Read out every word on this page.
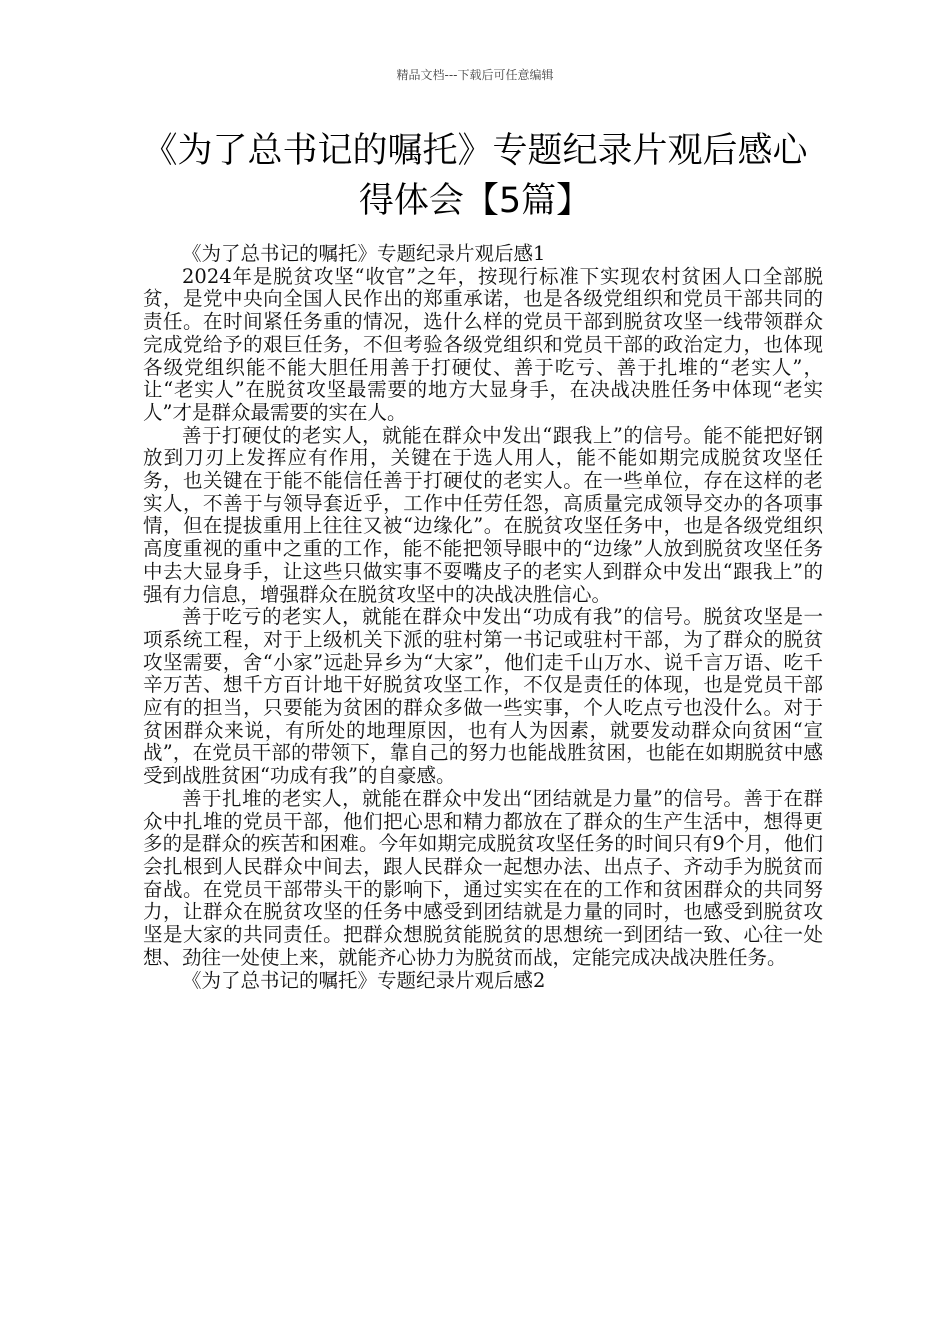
精品文档---下载后可任意编辑
《为了总书记的嘱托》专题纪录片观后感心得体会【5篇】

《为了总书记的嘱托》专题纪录片观后感1

2024年是脱贫攻坚“收官”之年，按现行标准下实现农村贫困人口全部脱贫，是党中央向全国人民作出的郑重承诺，也是各级党组织和党员干部共同的责任。在时间紧任务重的情况，选什么样的党员干部到脱贫攻坚一线带领群众完成党给予的艰巨任务，不但考验各级党组织和党员干部的政治定力，也体现各级党组织能不能大胆任用善于打硬仗、善于吃亏、善于扎堆的“老实人”，让“老实人”在脱贫攻坚最需要的地方大显身手，在决战决胜任务中体现“老实人”才是群众最需要的实在人。

善于打硬仗的老实人，就能在群众中发出“跟我上”的信号。能不能把好钢放到刀刃上发挥应有作用，关键在于选人用人，能不能如期完成脱贫攻坚任务，也关键在于能不能信任善于打硬仗的老实人。在一些单位，存在这样的老实人，不善于与领导套近乎，工作中任劳任怨，高质量完成领导交办的各项事情，但在提拔重用上往往又被“边缘化”。在脱贫攻坚任务中，也是各级党组织高度重视的重中之重的工作，能不能把领导眼中的“边缘”人放到脱贫攻坚任务中去大显身手，让这些只做实事不耍嘴皮子的老实人到群众中发出“跟我上”的强有力信息，增强群众在脱贫攻坚中的决战决胜信心。

善于吃亏的老实人，就能在群众中发出“功成有我”的信号。脱贫攻坚是一项系统工程，对于上级机关下派的驻村第一书记或驻村干部，为了群众的脱贫攻坚需要，舍“小家”远赴异乡为“大家”，他们走千山万水、说千言万语、吃千辛万苦、想千方百计地干好脱贫攻坚工作，不仅是责任的体现，也是党员干部应有的担当，只要能为贫困的群众多做一些实事，个人吃点亏也没什么。对于贫困群众来说，有所处的地理原因，也有人为因素，就要发动群众向贫困“宣战”，在党员干部的带领下，靠自己的努力也能战胜贫困，也能在如期脱贫中感受到战胜贫困“功成有我”的自豪感。

善于扎堆的老实人，就能在群众中发出“团结就是力量”的信号。善于在群众中扎堆的党员干部，他们把心思和精力都放在了群众的生产生活中，想得更多的是群众的疾苦和困难。今年如期完成脱贫攻坚任务的时间只有9个月，他们会扎根到人民群众中间去，跟人民群众一起想办法、出点子、齐动手为脱贫而奋战。在党员干部带头干的影响下，通过实实在在的工作和贫困群众的共同努力，让群众在脱贫攻坚的任务中感受到团结就是力量的同时，也感受到脱贫攻坚是大家的共同责任。把群众想脱贫能脱贫的思想统一到团结一致、心往一处想、劲往一处使上来，就能齐心协力为脱贫而战，定能完成决战决胜任务。

《为了总书记的嘱托》专题纪录片观后感2
